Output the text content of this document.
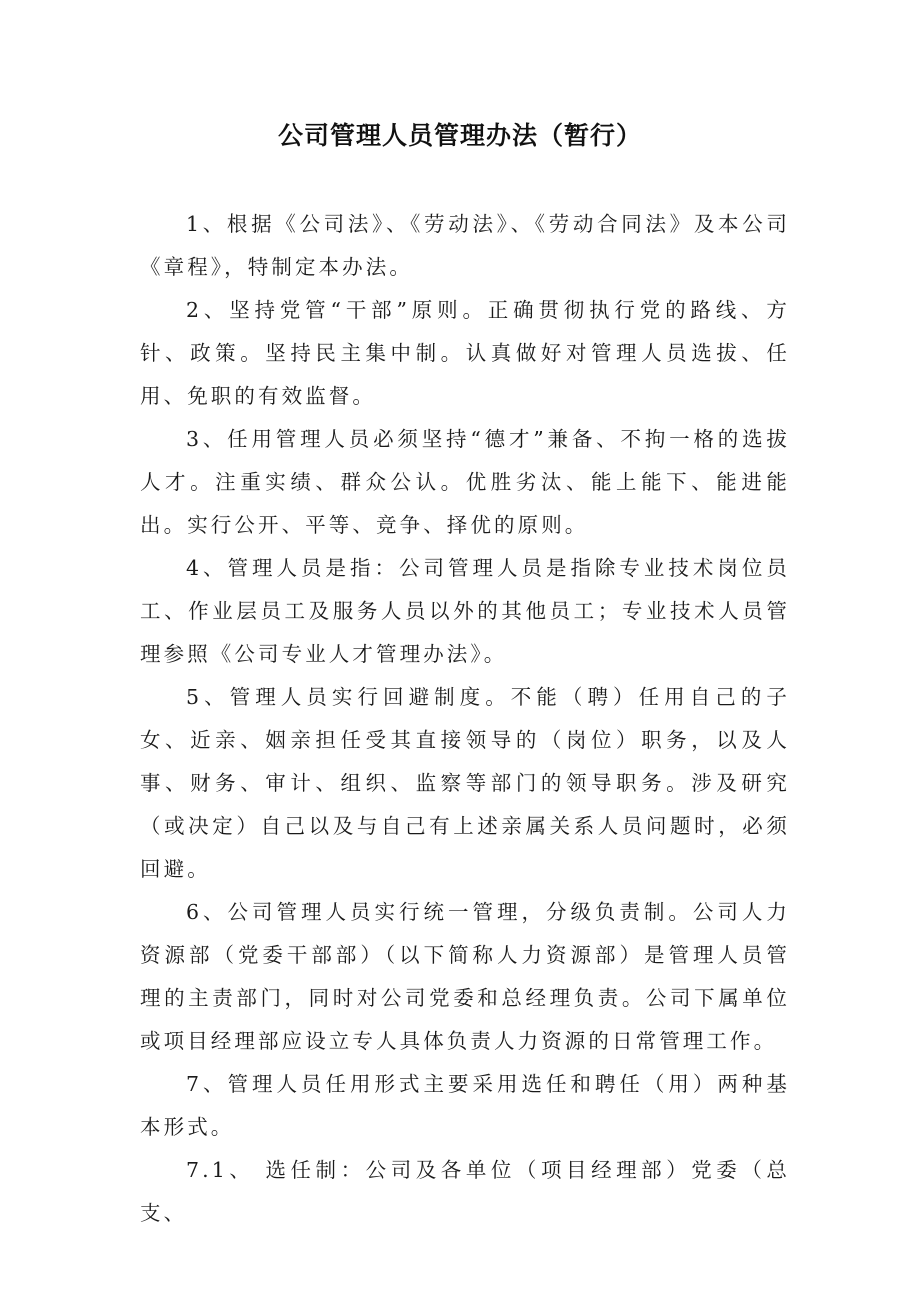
公司管理人员管理办法（暂行）

1、根据《公司法》、《劳动法》、《劳动合同法》及本公司《章程》，特制定本办法。

2、坚持党管“干部”原则。正确贯彻执行党的路线、方针、政策。坚持民主集中制。认真做好对管理人员选拔、任用、免职的有效监督。

3、任用管理人员必须坚持“德才”兼备、不拘一格的选拔人才。注重实绩、群众公认。优胜劣汰、能上能下、能进能出。实行公开、平等、竞争、择优的原则。

4、管理人员是指：公司管理人员是指除专业技术岗位员工、作业层员工及服务人员以外的其他员工；专业技术人员管理参照《公司专业人才管理办法》。

5、管理人员实行回避制度。不能（聘）任用自己的子女、近亲、姻亲担任受其直接领导的（岗位）职务，以及人事、财务、审计、组织、监察等部门的领导职务。涉及研究（或决定）自己以及与自己有上述亲属关系人员问题时，必须回避。

6、公司管理人员实行统一管理，分级负责制。公司人力资源部（党委干部部）（以下简称人力资源部）是管理人员管理的主责部门，同时对公司党委和总经理负责。公司下属单位或项目经理部应设立专人具体负责人力资源的日常管理工作。

7、管理人员任用形式主要采用选任和聘任（用）两种基本形式。

7.1、 选任制：公司及各单位（项目经理部）党委（总支、
